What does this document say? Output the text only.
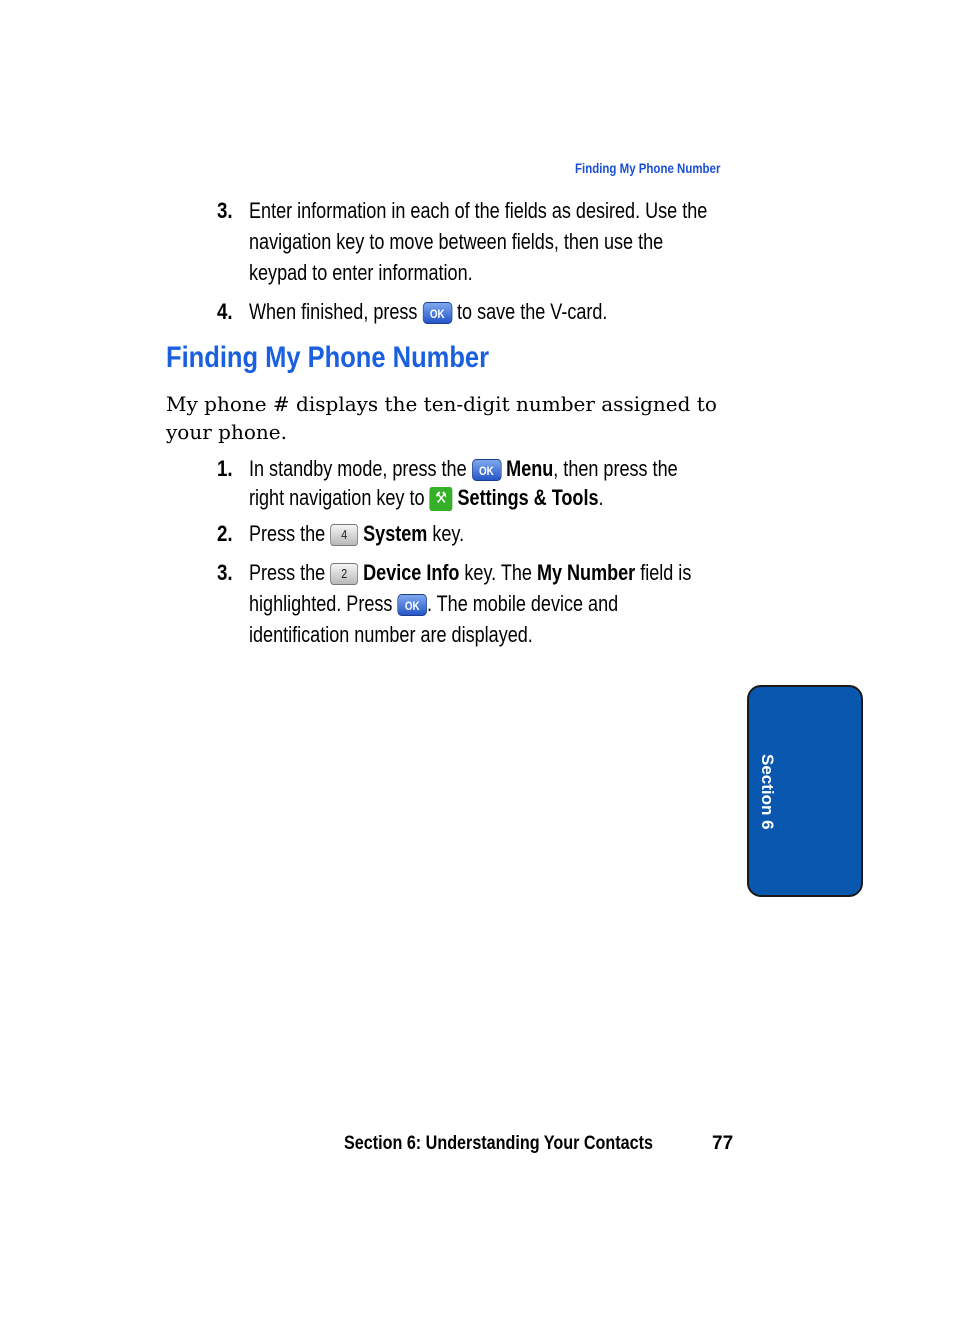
Finding My Phone Number
3. Enter information in each of the fields as desired. Use the
navigation key to move between fields, then use the
keypad to enter information.
4. When finished, press OK to save the V-card.
Finding My Phone Number
My phone # displays the ten-digit number assigned to your phone.
1. In standby mode, press the OK Menu, then press the
right navigation key to ⚒ Settings & Tools.
2. Press the 4 System key.
3. Press the 2 Device Info key. The My Number field is
highlighted. Press OK . The mobile device and
identification number are displayed.
Section 6
Section 6: Understanding Your Contacts	77
